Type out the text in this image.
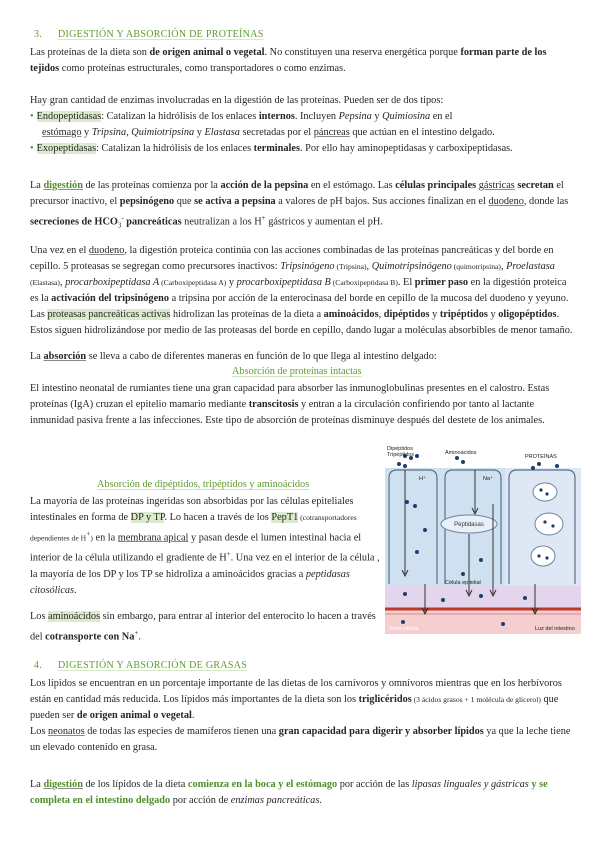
3. DIGESTIÓN Y ABSORCIÓN DE PROTEÍNAS

Las proteínas de la dieta son de origen animal o vegetal. No constituyen una reserva energética porque forman parte de los tejidos como proteínas estructurales, como transportadores o como enzimas.

Hay gran cantidad de enzimas involucradas en la digestión de las proteínas. Pueden ser de dos tipos:
• Endopeptidasas: Catalizan la hidrólisis de los enlaces internos. Incluyen Pepsina y Quimiosina en el
estómago y Tripsina, Quimiotripsina y Elastasa secretadas por el páncreas que actúan en el intestino delgado.
• Exopeptidasas: Catalizan la hidrólisis de los enlaces terminales. Por ello hay aminopeptidasas y carboxipeptidasas.

La digestión de las proteínas comienza por la acción de la pepsina en el estómago. Las células principales gástricas secretan el precursor inactivo, el pepsinógeno que se activa a pepsina a valores de pH bajos. Sus acciones finalizan en el duodeno, donde las secreciones de $HCO_3^-$ pancreáticas neutralizan a los H+ gástricos y aumentan el pH.

Una vez en el duodeno, la digestión proteica continúa con las acciones combinadas de las proteínas pancreáticas y del borde en cepillo. 5 proteasas se segregan como precursores inactivos: Tripsinógeno (Tripsina), Quimotripsinógeno (quimotripsina), Proelastasa (Elastasa), procarboxipeptidasa A (Carboxipeptidasa A) y procarboxipeptidasa B (Carboxipeptidasa B). El primer paso en la digestión proteica es la activación del tripsinógeno a tripsina por acción de la enterocinasa del borde en cepillo de la mucosa del duodeno y yeyuno. Las proteasas pancreáticas activas hidrolizan las proteínas de la dieta a aminoácidos, dipéptidos y tripéptidos y oligopéptidos. Estos siguen hidrolizándose por medio de las proteasas del borde en cepillo, dando lugar a moléculas absorbibles de menor tamaño.

La absorción se lleva a cabo de diferentes maneras en función de lo que llega al intestino delgado:

Absorción de proteínas intactas

El intestino neonatal de rumiantes tiene una gran capacidad para absorber las inmunoglobulinas presentes en el calostro. Estas proteínas (IgA) cruzan el epitelio mamario mediante transcitosis y entran a la circulación confiriendo por tanto al lactante inmunidad pasiva frente a las infecciones. Este tipo de absorción de proteínas disminuye después del destete de los animales.

Absorción de dipéptidos, tripéptidos y aminoácidos

La mayoría de las proteínas ingeridas son absorbidas por las células epiteliales intestinales en forma de DP y TP. Lo hacen a través de los PepT1 (cotransportadores dependientes de H+) en la membrana apical y pasan desde el lumen intestinal hacia el interior de la célula utilizando el gradiente de H+. Una vez en el interior de la célula , la mayoría de los DP y los TP se hidroliza a aminoácidos gracias a peptidasas citosólicas.

Los aminoácidos sin embargo, para entrar al interior del enterocito lo hacen a través del cotransporte con Na+.

Peptidasas
Dipéptidos
Tripéptidos	Aminoácidos
PROTEÍNAS
H⁺	Na⁺
Célula epitelial
Vaso capilar	Luz del intestino
4. DIGESTIÓN Y ABSORCIÓN DE GRASAS

Los lípidos se encuentran en un porcentaje importante de las dietas de los carnívoros y omnívoros mientras que en los herbívoros están en cantidad más reducida. Los lípidos más importantes de la dieta son los triglicéridos (3 ácidos grasos + 1 molécula de glicerol) que pueden ser de origen animal o vegetal.
Los neonatos de todas las especies de mamíferos tienen una gran capacidad para digerir y absorber lípidos ya que la leche tiene un elevado contenido en grasa.

La digestión de los lípidos de la dieta comienza en la boca y el estómago por acción de las lipasas linguales y gástricas y se completa en el intestino delgado por acción de enzimas pancreáticas.
